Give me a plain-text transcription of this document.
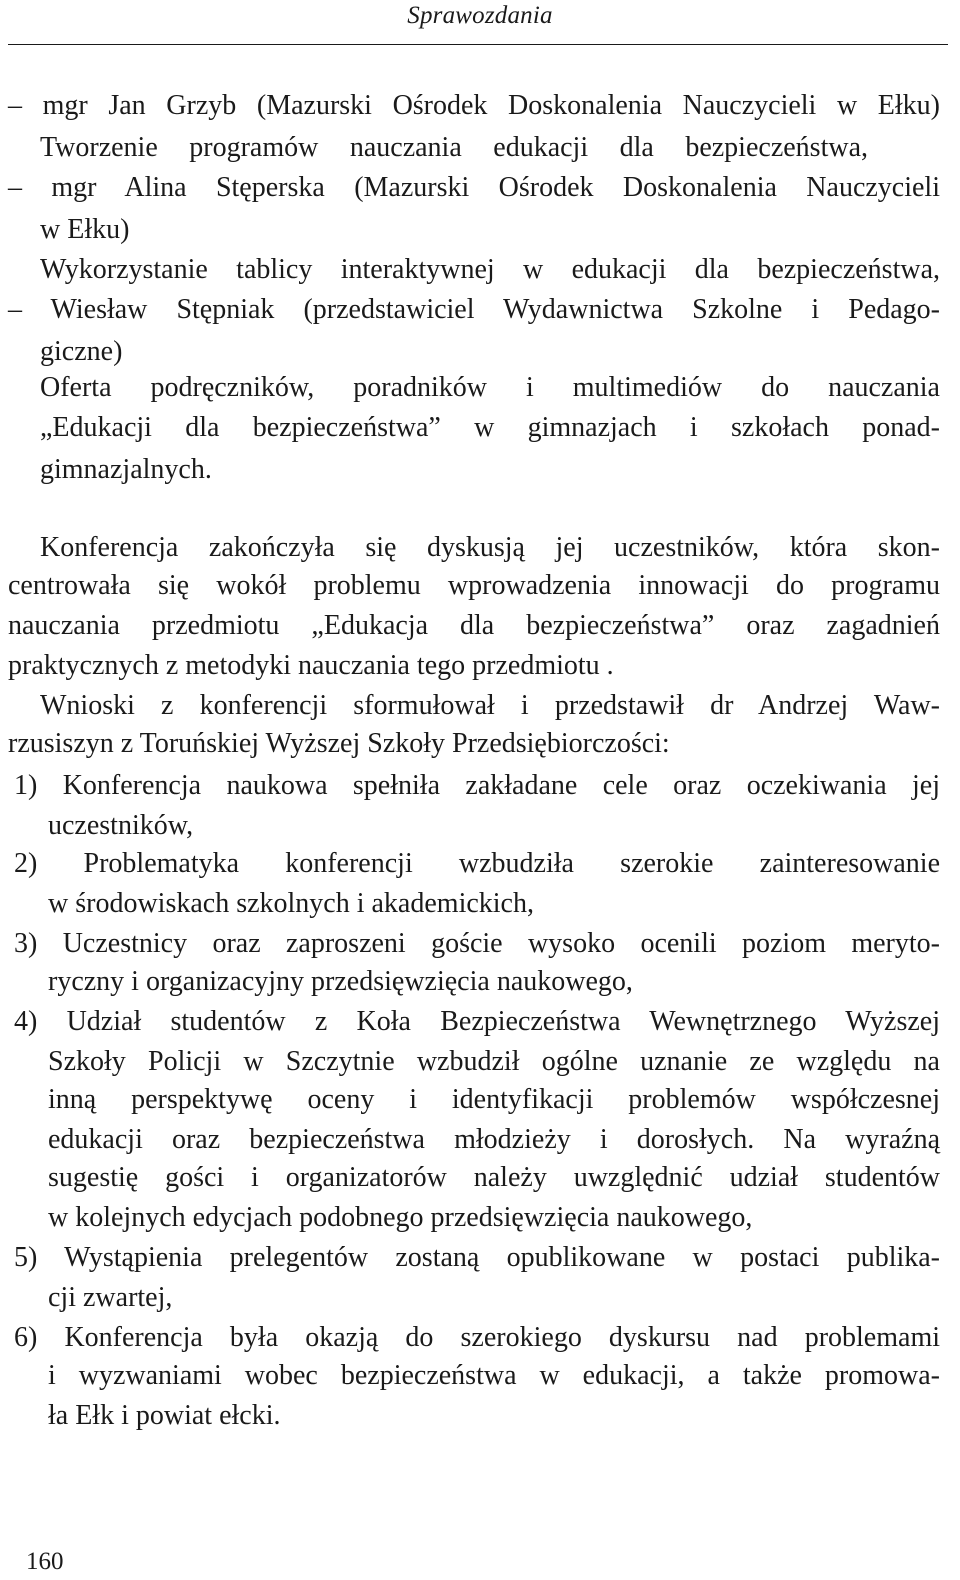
Sprawozdania
– mgr Jan Grzyb (Mazurski Ośrodek Doskonalenia Nauczycieli w Ełku)
Tworzenie programów nauczania edukacji dla bezpieczeństwa,
– mgr Alina Stęperska (Mazurski Ośrodek Doskonalenia Nauczycieli
w Ełku)
Wykorzystanie tablicy interaktywnej w edukacji dla bezpieczeństwa,
– Wiesław Stępniak (przedstawiciel Wydawnictwa Szkolne i Pedago-
giczne)
Oferta podręczników, poradników i multimediów do nauczania
„Edukacji dla bezpieczeństwa” w gimnazjach i szkołach ponad-
gimnazjalnych.
Konferencja zakończyła się dyskusją jej uczestników, która skon-
centrowała się wokół problemu wprowadzenia innowacji do programu
nauczania przedmiotu „Edukacja dla bezpieczeństwa” oraz zagadnień
praktycznych z metodyki nauczania tego przedmiotu .
Wnioski z konferencji sformułował i przedstawił dr Andrzej Waw-
rzusiszyn z Toruńskiej Wyższej Szkoły Przedsiębiorczości:
1) Konferencja naukowa spełniła zakładane cele oraz oczekiwania jej
uczestników,
2) Problematyka konferencji wzbudziła szerokie zainteresowanie
w środowiskach szkolnych i akademickich,
3) Uczestnicy oraz zaproszeni goście wysoko ocenili poziom meryto-
ryczny i organizacyjny przedsięwzięcia naukowego,
4) Udział studentów z Koła Bezpieczeństwa Wewnętrznego Wyższej
Szkoły Policji w Szczytnie wzbudził ogólne uznanie ze względu na
inną perspektywę oceny i identyfikacji problemów współczesnej
edukacji oraz bezpieczeństwa młodzieży i dorosłych. Na wyraźną
sugestię gości i organizatorów należy uwzględnić udział studentów
w kolejnych edycjach podobnego przedsięwzięcia naukowego,
5) Wystąpienia prelegentów zostaną opublikowane w postaci publika-
cji zwartej,
6) Konferencja była okazją do szerokiego dyskursu nad problemami
i wyzwaniami wobec bezpieczeństwa w edukacji, a także promowa-
ła Ełk i powiat ełcki.
160
